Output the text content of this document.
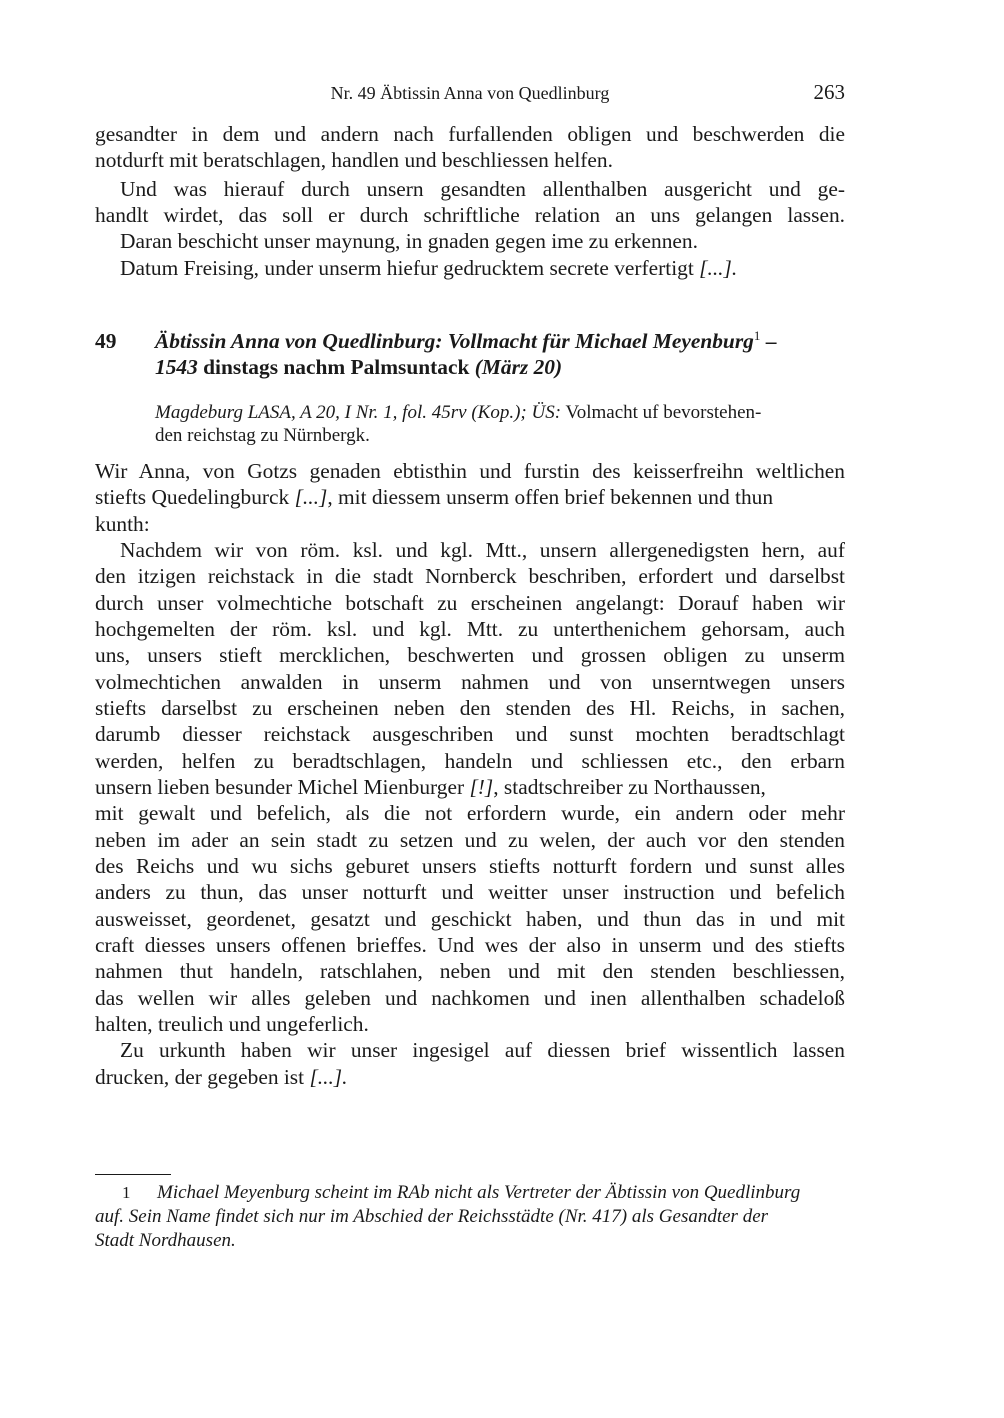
Nr. 49 Äbtissin Anna von Quedlinburg	263
gesandter in dem und andern nach furfallenden obligen und beschwerden die
notdurft mit beratschlagen, handlen und beschliessen helfen.
Und was hierauf durch unsern gesandten allenthalben ausgericht und ge-
handlt wirdet, das soll er durch schriftliche relation an uns gelangen lassen.
Daran beschicht unser maynung, in gnaden gegen ime zu erkennen.
Datum Freising, under unserm hiefur gedrucktem secrete verfertigt [...].
49 Äbtissin Anna von Quedlinburg: Vollmacht für Michael Meyenburg$^1$ –
1543 dinstags nachm Palmsuntack (März 20)
Magdeburg LASA, A 20, I Nr. 1, fol. 45rv (Kop.); ÜS: Volmacht uf bevorstehen-
den reichstag zu Nürnbergk.
Wir Anna, von Gotzs genaden ebtisthin und furstin des keisserfreihn weltlichen
stiefts Quedelingburck [...], mit diessem unserm offen brief bekennen und thun
kunth:
Nachdem wir von röm. ksl. und kgl. Mtt., unsern allergenedigsten hern, auf
den itzigen reichstack in die stadt Nornberck beschriben, erfordert und darselbst
durch unser volmechtiche botschaft zu erscheinen angelangt: Dorauf haben wir
hochgemelten der röm. ksl. und kgl. Mtt. zu unterthenichem gehorsam, auch
uns, unsers stieft mercklichen, beschwerten und grossen obligen zu unserm
volmechtichen anwalden in unserm nahmen und von unserntwegen unsers
stiefts darselbst zu erscheinen neben den stenden des Hl. Reichs, in sachen,
darumb diesser reichstack ausgeschriben und sunst mochten beradtschlagt
werden, helfen zu beradtschlagen, handeln und schliessen etc., den erbarn
unsern lieben besunder Michel Mienburger [!], stadtschreiber zu Northaussen,
mit gewalt und befelich, als die not erfordern wurde, ein andern oder mehr
neben im ader an sein stadt zu setzen und zu welen, der auch vor den stenden
des Reichs und wu sichs geburet unsers stiefts notturft fordern und sunst alles
anders zu thun, das unser notturft und weitter unser instruction und befelich
ausweisset, geordenet, gesatzt und geschickt haben, und thun das in und mit
craft diesses unsers offenen brieffes. Und wes der also in unserm und des stiefts
nahmen thut handeln, ratschlahen, neben und mit den stenden beschliessen,
das wellen wir alles geleben und nachkomen und inen allenthalben schadeloß
halten, treulich und ungeferlich.
Zu urkunth haben wir unser ingesigel auf diessen brief wissentlich lassen
drucken, der gegeben ist [...].
1 Michael Meyenburg scheint im RAb nicht als Vertreter der Äbtissin von Quedlinburg
auf. Sein Name findet sich nur im Abschied der Reichsstädte (Nr. 417) als Gesandter der
Stadt Nordhausen.
